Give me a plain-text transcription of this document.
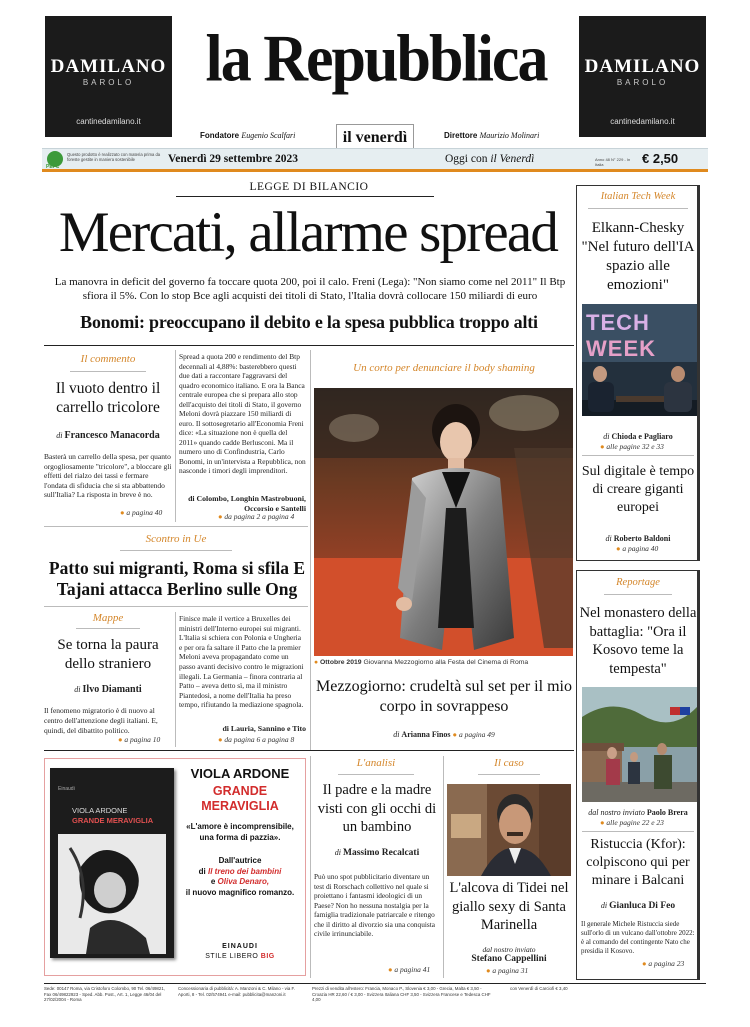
DAMILANO
BAROLO
cantinedamilano.it
DAMILANO
BAROLO
cantinedamilano.it
la Repubblica
Fondatore Eugenio Scalfari	Direttore Maurizio Molinari
il venerdì
PEFC
Questo prodotto è realizzato con materia prima da foreste gestite in maniera sostenibile	Venerdì 29 settembre 2023	Oggi con il Venerdì	Anno 48 N° 229 - In Italia	€ 2,50
LEGGE DI BILANCIO
Mercati, allarme spread
La manovra in deficit del governo fa toccare quota 200, poi il calo. Freni (Lega): "Non siamo come nel 2011" Il Btp sfiora il 5%. Con lo stop Bce agli acquisti dei titoli di Stato, l'Italia dovrà collocare 150 miliardi di euro
Bonomi: preoccupano il debito e la spesa pubblica troppo alti
Il commento
Il vuoto dentro il carrello tricolore
di Francesco Manacorda
Basterà un carrello della spesa, per quanto orgogliosamente "tricolore", a bloccare gli effetti del rialzo dei tassi e fermare l'ondata di sfiducia che si sta abbattendo sull'Italia? La risposta in breve è no.
● a pagina 40
Spread a quota 200 e rendimento del Btp decennali al 4,88%: basterebbero questi due dati a raccontare l'aggravarsi del quadro economico italiano. E ora la Banca centrale europea che si prepara allo stop dell'acquisto dei titoli di Stato, il governo Meloni dovrà piazzare 150 miliardi di euro. Il sottosegretario all'Economia Freni dice: «La situazione non è quella del 2011» quando cadde Berlusconi. Ma il numero uno di Confindustria, Carlo Bonomi, in un'intervista a Repubblica, non nasconde i timori degli imprenditori.
di Colombo, Longhin Mastrobuoni, Occorsio e Santelli
● da pagina 2 a pagina 4
Un corto per denunciare il body shaming
● Ottobre 2019 Giovanna Mezzogiorno alla Festa del Cinema di Roma
Mezzogiorno: crudeltà sul set per il mio corpo in sovrappeso
di Arianna Finos ● a pagina 49
Scontro in Ue
Patto sui migranti, Roma si sfila E Tajani attacca Berlino sulle Ong
Mappe
Se torna la paura dello straniero
di Ilvo Diamanti
Il fenomeno migratorio è di nuovo al centro dell'attenzione degli italiani. E, quindi, del dibattito politico.
● a pagina 10
Finisce male il vertice a Bruxelles dei ministri dell'Interno europei sui migranti. L'Italia si schiera con Polonia e Ungheria e per ora fa saltare il Patto che la premier Meloni aveva propagandato come un passo avanti decisivo contro le migrazioni illegali. La Germania – finora contraria al Patto – aveva detto sì, ma il ministro Piantedosi, a nome dell'Italia ha preso tempo, rifiutando la mediazione spagnola.
di Lauria, Sannino e Tito
● da pagina 6 a pagina 8
Italian Tech Week
Elkann-Chesky "Nel futuro dell'IA spazio alle emozioni"
TECH
WEEK
di Chioda e Pagliaro
● alle pagine 32 e 33
Sul digitale è tempo di creare giganti europei
di Roberto Baldoni
● a pagina 40
Reportage
Nel monastero della battaglia: "Ora il Kosovo teme la tempesta"
dal nostro inviato Paolo Brera
● alle pagine 22 e 23
Ristuccia (Kfor): colpiscono qui per minare i Balcani
di Gianluca Di Feo
Il generale Michele Ristuccia siede sull'orlo di un vulcano dall'ottobre 2022: è al comando del contingente Nato che presidia il Kosovo.
● a pagina 23
VIOLA ARDONE
GRANDE MERAVIGLIA
Einaudi
VIOLA ARDONE
GRANDE MERAVIGLIA
«L'amore è incomprensibile, una forma di pazzia».
Dall'autrice
di Il treno dei bambini
e Oliva Denaro,
il nuovo magnifico romanzo.
EINAUDI
STILE LIBERO BIG
L'analisi
Il padre e la madre visti con gli occhi di un bambino
di Massimo Recalcati
Può uno spot pubblicitario diventare un test di Rorschach collettivo nel quale si proiettano i fantasmi ideologici di un Paese? Non ho nessuna nostalgia per la famiglia tradizionale patriarcale e ritengo che il diritto al divorzio sia una conquista civile irrinunciabile.
● a pagina 41
Il caso
L'alcova di Tidei nel giallo sexy di Santa Marinella
dal nostro inviato
Stefano Cappellini
● a pagina 31
Sede: 00147 Roma, via Cristoforo Colombo, 90 Tel. 06/49821, Fax 06/49822923 - Sped. Abb. Post., Art. 1, Legge 46/04 del 27/02/2004 - Roma
Concessionaria di pubblicità: A. Manzoni & C. Milano - via F. Aporti, 8 - Tel. 02/574941 e-mail: pubblicita@manzoni.it
Prezzi di vendita all'estero: Francia, Monaco P., Slovenia € 3,00 - Grecia, Malta € 3,50 - Croazia HR 22,60 / € 3,00 - Svizzera Italiana CHF 3,50 - Svizzera Francese e Tedesca CHF 4,00
con Venerdì di Carciofi € 3,40
